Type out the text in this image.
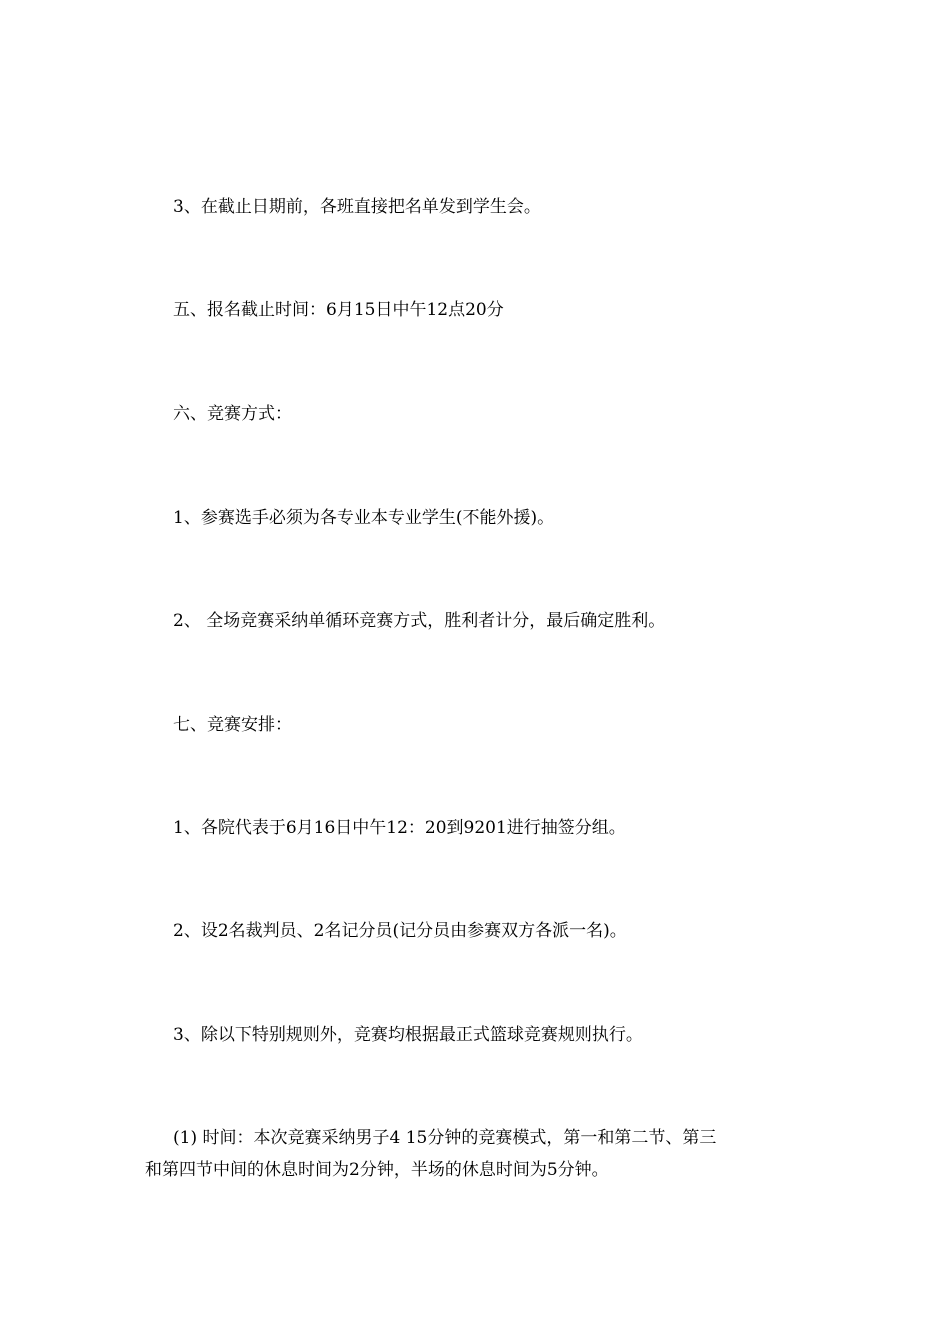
3、在截止日期前，各班直接把名单发到学生会。

五、报名截止时间：6月15日中午12点20分

六、竞赛方式：

1、参赛选手必须为各专业本专业学生(不能外援)。

2、 全场竞赛采纳单循环竞赛方式，胜利者计分，最后确定胜利。

七、竞赛安排：

1、各院代表于6月16日中午12：20到9201进行抽签分组。

2、设2名裁判员、2名记分员(记分员由参赛双方各派一名)。

3、除以下特别规则外，竞赛均根据最正式篮球竞赛规则执行。

(1) 时间：本次竞赛采纳男子4 15分钟的竞赛模式，第一和第二节、第三
和第四节中间的休息时间为2分钟，半场的休息时间为5分钟。
